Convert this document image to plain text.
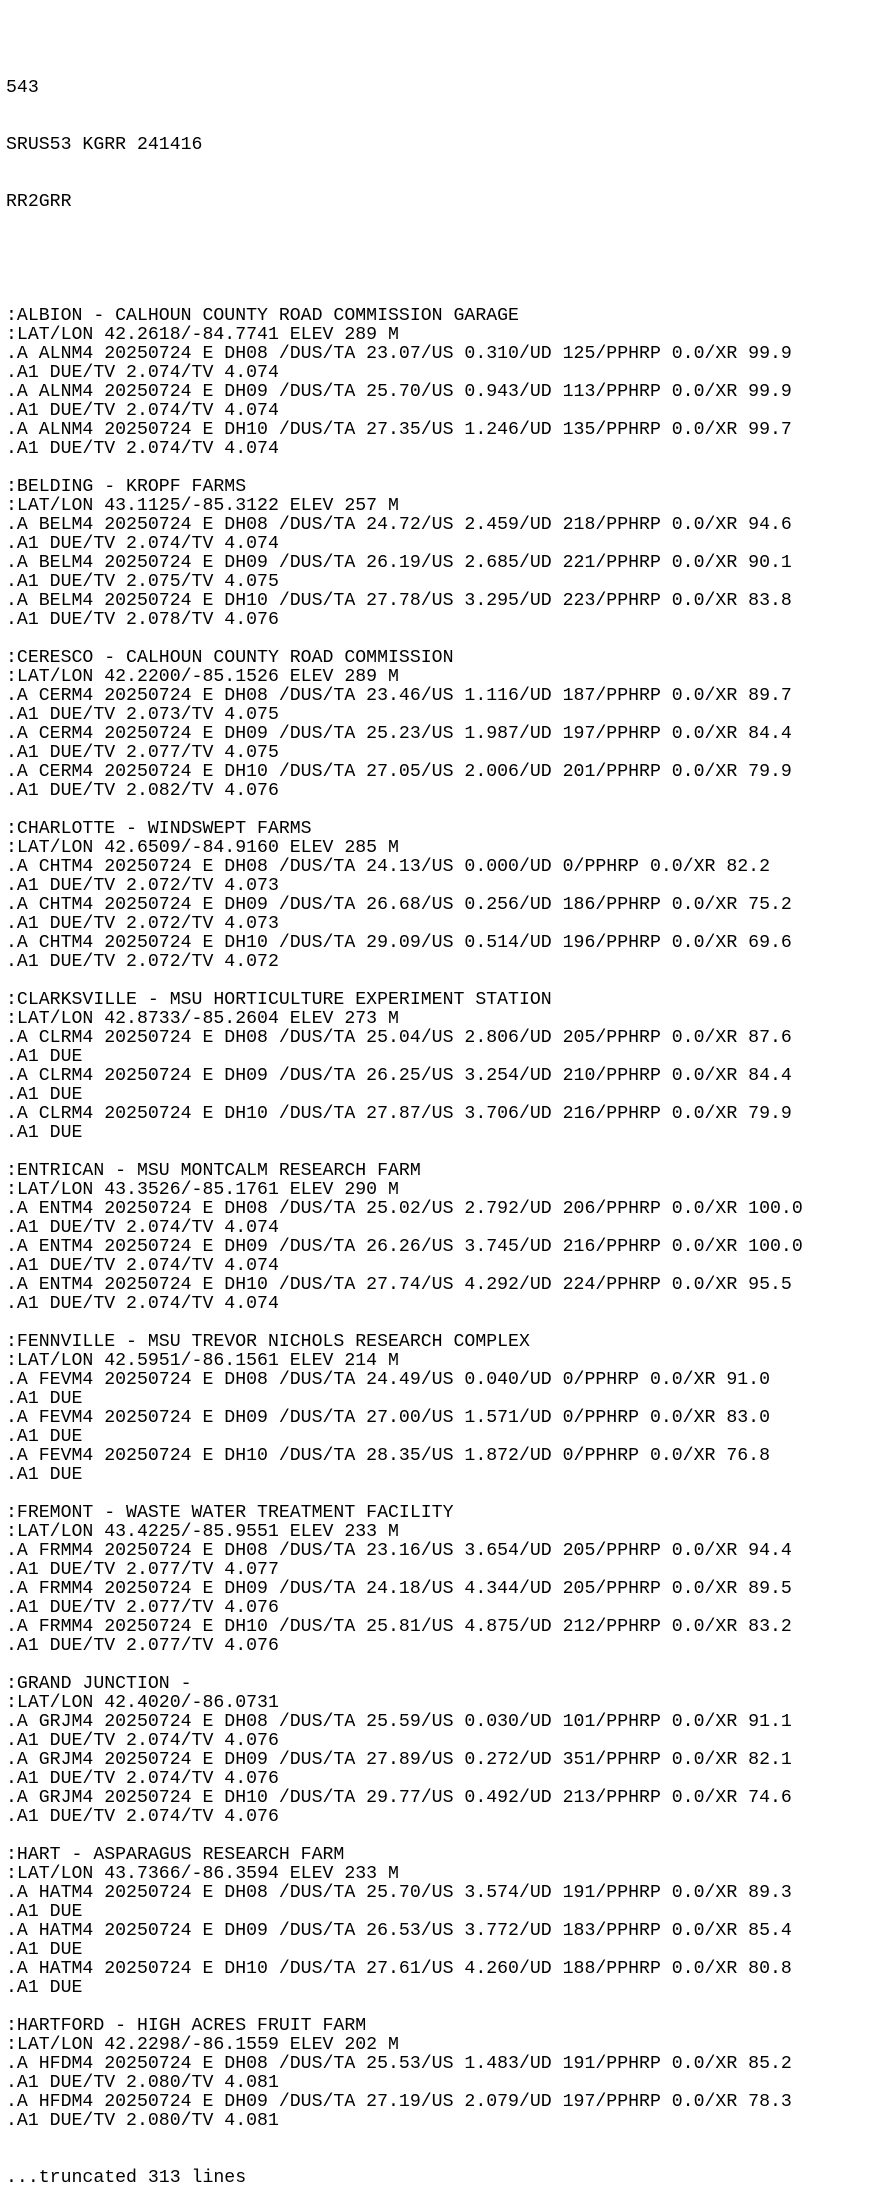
543

SRUS53 KGRR 241416

RR2GRR

:ALBION - CALHOUN COUNTY ROAD COMMISSION GARAGE
:LAT/LON 42.2618/-84.7741 ELEV 289 M
.A ALNM4 20250724 E DH08 /DUS/TA 23.07/US 0.310/UD 125/PPHRP 0.0/XR 99.9
.A1 DUE/TV 2.074/TV 4.074
.A ALNM4 20250724 E DH09 /DUS/TA 25.70/US 0.943/UD 113/PPHRP 0.0/XR 99.9
.A1 DUE/TV 2.074/TV 4.074
.A ALNM4 20250724 E DH10 /DUS/TA 27.35/US 1.246/UD 135/PPHRP 0.0/XR 99.7
.A1 DUE/TV 2.074/TV 4.074
:BELDING - KROPF FARMS
:LAT/LON 43.1125/-85.3122 ELEV 257 M
.A BELM4 20250724 E DH08 /DUS/TA 24.72/US 2.459/UD 218/PPHRP 0.0/XR 94.6
.A1 DUE/TV 2.074/TV 4.074
.A BELM4 20250724 E DH09 /DUS/TA 26.19/US 2.685/UD 221/PPHRP 0.0/XR 90.1
.A1 DUE/TV 2.075/TV 4.075
.A BELM4 20250724 E DH10 /DUS/TA 27.78/US 3.295/UD 223/PPHRP 0.0/XR 83.8
.A1 DUE/TV 2.078/TV 4.076
:CERESCO - CALHOUN COUNTY ROAD COMMISSION
:LAT/LON 42.2200/-85.1526 ELEV 289 M
.A CERM4 20250724 E DH08 /DUS/TA 23.46/US 1.116/UD 187/PPHRP 0.0/XR 89.7
.A1 DUE/TV 2.073/TV 4.075
.A CERM4 20250724 E DH09 /DUS/TA 25.23/US 1.987/UD 197/PPHRP 0.0/XR 84.4
.A1 DUE/TV 2.077/TV 4.075
.A CERM4 20250724 E DH10 /DUS/TA 27.05/US 2.006/UD 201/PPHRP 0.0/XR 79.9
.A1 DUE/TV 2.082/TV 4.076
:CHARLOTTE - WINDSWEPT FARMS
:LAT/LON 42.6509/-84.9160 ELEV 285 M
.A CHTM4 20250724 E DH08 /DUS/TA 24.13/US 0.000/UD 0/PPHRP 0.0/XR 82.2
.A1 DUE/TV 2.072/TV 4.073
.A CHTM4 20250724 E DH09 /DUS/TA 26.68/US 0.256/UD 186/PPHRP 0.0/XR 75.2
.A1 DUE/TV 2.072/TV 4.073
.A CHTM4 20250724 E DH10 /DUS/TA 29.09/US 0.514/UD 196/PPHRP 0.0/XR 69.6
.A1 DUE/TV 2.072/TV 4.072
:CLARKSVILLE - MSU HORTICULTURE EXPERIMENT STATION
:LAT/LON 42.8733/-85.2604 ELEV 273 M
.A CLRM4 20250724 E DH08 /DUS/TA 25.04/US 2.806/UD 205/PPHRP 0.0/XR 87.6
.A1 DUE
.A CLRM4 20250724 E DH09 /DUS/TA 26.25/US 3.254/UD 210/PPHRP 0.0/XR 84.4
.A1 DUE
.A CLRM4 20250724 E DH10 /DUS/TA 27.87/US 3.706/UD 216/PPHRP 0.0/XR 79.9
.A1 DUE
:ENTRICAN - MSU MONTCALM RESEARCH FARM
:LAT/LON 43.3526/-85.1761 ELEV 290 M
.A ENTM4 20250724 E DH08 /DUS/TA 25.02/US 2.792/UD 206/PPHRP 0.0/XR 100.0
.A1 DUE/TV 2.074/TV 4.074
.A ENTM4 20250724 E DH09 /DUS/TA 26.26/US 3.745/UD 216/PPHRP 0.0/XR 100.0
.A1 DUE/TV 2.074/TV 4.074
.A ENTM4 20250724 E DH10 /DUS/TA 27.74/US 4.292/UD 224/PPHRP 0.0/XR 95.5
.A1 DUE/TV 2.074/TV 4.074
:FENNVILLE - MSU TREVOR NICHOLS RESEARCH COMPLEX
:LAT/LON 42.5951/-86.1561 ELEV 214 M
.A FEVM4 20250724 E DH08 /DUS/TA 24.49/US 0.040/UD 0/PPHRP 0.0/XR 91.0
.A1 DUE
.A FEVM4 20250724 E DH09 /DUS/TA 27.00/US 1.571/UD 0/PPHRP 0.0/XR 83.0
.A1 DUE
.A FEVM4 20250724 E DH10 /DUS/TA 28.35/US 1.872/UD 0/PPHRP 0.0/XR 76.8
.A1 DUE
:FREMONT - WASTE WATER TREATMENT FACILITY
:LAT/LON 43.4225/-85.9551 ELEV 233 M
.A FRMM4 20250724 E DH08 /DUS/TA 23.16/US 3.654/UD 205/PPHRP 0.0/XR 94.4
.A1 DUE/TV 2.077/TV 4.077
.A FRMM4 20250724 E DH09 /DUS/TA 24.18/US 4.344/UD 205/PPHRP 0.0/XR 89.5
.A1 DUE/TV 2.077/TV 4.076
.A FRMM4 20250724 E DH10 /DUS/TA 25.81/US 4.875/UD 212/PPHRP 0.0/XR 83.2
.A1 DUE/TV 2.077/TV 4.076
:GRAND JUNCTION -
:LAT/LON 42.4020/-86.0731
.A GRJM4 20250724 E DH08 /DUS/TA 25.59/US 0.030/UD 101/PPHRP 0.0/XR 91.1
.A1 DUE/TV 2.074/TV 4.076
.A GRJM4 20250724 E DH09 /DUS/TA 27.89/US 0.272/UD 351/PPHRP 0.0/XR 82.1
.A1 DUE/TV 2.074/TV 4.076
.A GRJM4 20250724 E DH10 /DUS/TA 29.77/US 0.492/UD 213/PPHRP 0.0/XR 74.6
.A1 DUE/TV 2.074/TV 4.076
:HART - ASPARAGUS RESEARCH FARM
:LAT/LON 43.7366/-86.3594 ELEV 233 M
.A HATM4 20250724 E DH08 /DUS/TA 25.70/US 3.574/UD 191/PPHRP 0.0/XR 89.3
.A1 DUE
.A HATM4 20250724 E DH09 /DUS/TA 26.53/US 3.772/UD 183/PPHRP 0.0/XR 85.4
.A1 DUE
.A HATM4 20250724 E DH10 /DUS/TA 27.61/US 4.260/UD 188/PPHRP 0.0/XR 80.8
.A1 DUE
:HARTFORD - HIGH ACRES FRUIT FARM
:LAT/LON 42.2298/-86.1559 ELEV 202 M
.A HFDM4 20250724 E DH08 /DUS/TA 25.53/US 1.483/UD 191/PPHRP 0.0/XR 85.2
.A1 DUE/TV 2.080/TV 4.081
.A HFDM4 20250724 E DH09 /DUS/TA 27.19/US 2.079/UD 197/PPHRP 0.0/XR 78.3
.A1 DUE/TV 2.080/TV 4.081

...truncated 313 lines
